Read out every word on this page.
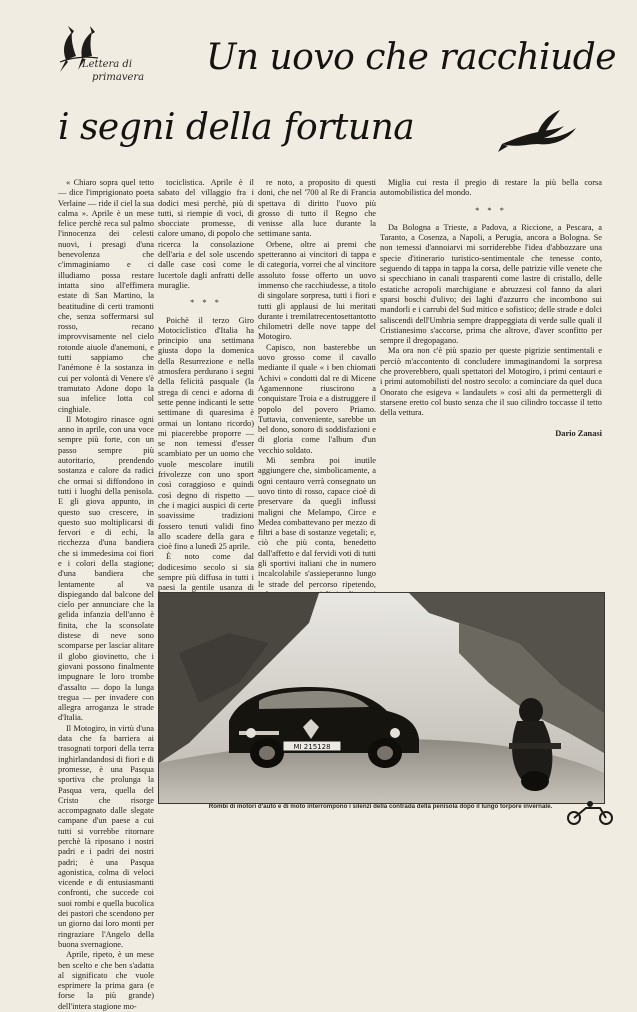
Lettera di
primavera	Un uovo che racchiude
i segni della fortuna

« Chiaro sopra quel tetto — dice l'imprigionato poeta Verlaine — ride il ciel la sua calma ». Aprile è un mese felice perchè reca sul palmo l'innocenza dei celesti nuovi, i presagi d'una benevolenza che c'immaginiamo e ci illudiamo possa restare intatta sino all'effimera estate di San Martino, la beatitudine di certi tramonti che, senza soffermarsi sul rosso, recano improvvisamente nel cielo rotonde aiuole d'anemoni, e tutti sappiamo che l'anémone è la sostanza in cui per volontà di Venere s'è tramutato Adone dopo la sua infelice lotta col cinghiale.

Il Motogiro rinasce ogni anno in aprile, con una voce sempre più forte, con un passo sempre più autoritario, prendendo sostanza e calore da radici che ormai si diffondono in tutti i luoghi della penisola. E gli giova appunto, in questo suo crescere, in questo suo moltiplicarsi di fervori e di echi, la ricchezza d'una bandiera che si immedesima coi fiori e i colori della stagione; d'una bandiera che lentamente al va dispiegando dal balcone del cielo per annunciare che la gelida infanzia dell'anno è finita, che la sconsolate distese di neve sono scomparse per lasciar alitare il globo giovinetto, che i giovani possono finalmente impugnare le loro trombe d'assalto — dopo la lunga tregua — per invadere con allegra arroganza le strade d'Italia.

Il Motogiro, in virtù d'una data che fa barriera ai trasognati torpori della terra inghirlandandosi di fiori e di promesse, è una Pasqua sportiva che prolunga la Pasqua vera, quella del Cristo che risorge accompagnato dalle slegate campane d'un paese a cui tutti si vorrebbe ritornare perchè là riposano i nostri padri e i padri dei nostri padri; è una Pasqua agonistica, colma di veloci vicende e di entusiasmanti confronti, che succede coi suoi rombi e quella bucolica dei pastori che scendono per un giorno dai loro monti per ringraziare l'Angelo della buona svernagione.

Aprile, ripeto, è un mese ben scelto e che ben s'adatta al significato che vuole esprimere la prima gara (e forse la più grande) dell'intera stagione mo-

tociclistica. Aprile è il sabato del villaggio fra i dodici mesi perchè, più di tutti, si riempie di voci, di sbocciate promesse, di calore umano, di popolo che ricerca la consolazione dell'aria e del sole uscendo dalle case così come le lucertole dagli anfratti delle muraglie.

* * *

Poichè il terzo Giro Motociclistico d'Italia ha principio una settimana giusta dopo la domenica della Resurrezione e nella atmosfera perdurano i segni della felicità pasquale (la strega di cenci e adorna di sette penne indicanti le sette settimane di quaresima è ormai un lontano ricordo) mi piacerebbe proporre — se non temessi d'esser scambiato per un uomo che vuole mescolare inutili frivolezze con uno sport così coraggioso e quindi così degno di rispetto — che i magici auspici di certe soavissime tradizioni fossero tenuti validi fino allo scadere della gara e cioè fino a lunedì 25 aprile.

È noto come dal dodicesimo secolo si sia sempre più diffusa in tutti i paesi la gentile usanza di

re noto, a proposito di questi doni, che nel '700 al Re di Francia spettava di diritto l'uovo più grosso di tutto il Regno che venisse alla luce durante la settimane santa.

Orbene, oltre ai premi che spetteranno ai vincitori di tappa e di categoria, vorrei che al vincitore assoluto fosse offerto un uovo immenso che racchiudesse, a titolo di singolare sorpresa, tutti i fiori e tutti gli applausi de lui meritati durante i tremilatrecentosettantotto chilometri delle nove tappe del Motogiro.

Capisco, non basterebbe un uovo grosso come il cavallo mediante il quale « i ben chiomati Achivi » condotti dal re di Micene Agamennone riuscirono a conquistare Troia e a distruggere il popolo del povero Priamo. Tuttavia, conveniente, sarebbe un bel dono, sonoro di soddisfazioni e di gloria come l'album d'un vecchio soldato.

Mi sembra poi inutile aggiungere che, simbolicamente, a ogni centauro verrà consegnato un uovo tinto di rosso, capace cioè di preservare da quegli influssi maligni che Melampo, Circe e Medea combattevano per mezzo di filtri a base di sostanze vegetali; e, ciò che più conta, benedetto dall'affetto e dal fervidi voti di tutti gli sportivi italiani che in numero incalcolabile s'assieperanno lungo le strade del percorso ripetendo,

Miglia cui resta il pregio di restare la più bella corsa automobilistica del mondo.

* * *

Da Bologna a Trieste, a Padova, a Riccione, a Pescara, a Taranto, a Cosenza, a Napoli, a Perugia, ancora a Bologna. Se non temessi d'annoiarvi mi sorriderebbe l'idea d'abbozzare una specie d'itinerario turistico-sentimentale che tenesse conto, seguendo di tappa in tappa la corsa, delle patrizie ville venete che si specchiano in canali trasparenti come lastre di cristallo, delle estatiche acropoli marchigiane e abruzzesi col fanno da alari sparsi boschi d'ulivo; dei laghi d'azzurro che incombono sui mandorli e i carrubi del Sud mitico e sofistico; delle strade e dolci saliscendi dell'Umbria sempre drappeggiata di verde sulle quali il Cristianesimo s'accorse, prima che altrove, d'aver sconfitto per sempre il dregopagano.

Ma ora non c'è più spazio per queste pigrizie sentimentali e perciò m'accontento di concludere immaginandomi la sorpresa che proverebbero, quali spettatori del Motogiro, i primi centauri e i primi automobilisti del nostro secolo: a cominciare da quel duca Onorato che esigeva « landaulets » così alti da permettergli di starsene eretto col busto senza che il suo cilindro toccasse il tetto della vettura.

Dario Zanasi

MI 215128
Rombi di motori d'auto e di moto interrompono i silenzi della contrada della penisola dopo il lungo torpore invernale.
